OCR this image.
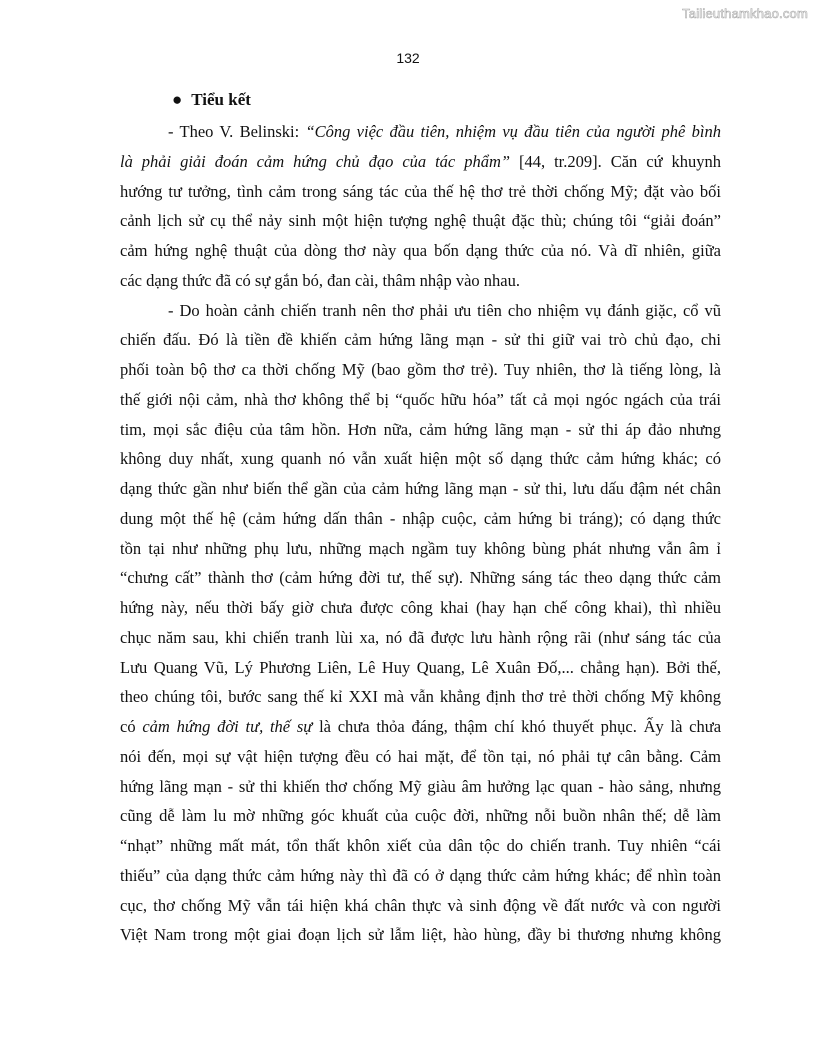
Tailieuthamkhao.com
132
● Tiểu kết
- Theo V. Belinski: “Công việc đầu tiên, nhiệm vụ đầu tiên của người phê bình
là phải giải đoán cảm hứng chủ đạo của tác phẩm” [44, tr.209]. Căn cứ khuynh
hướng tư tưởng, tình cảm trong sáng tác của thế hệ thơ trẻ thời chống Mỹ; đặt vào bối
cảnh lịch sử cụ thể nảy sinh một hiện tượng nghệ thuật đặc thù; chúng tôi “giải đoán”
cảm hứng nghệ thuật của dòng thơ này qua bốn dạng thức của nó. Và dĩ nhiên, giữa
các dạng thức đã có sự gắn bó, đan cài, thâm nhập vào nhau.
- Do hoàn cảnh chiến tranh nên thơ phải ưu tiên cho nhiệm vụ đánh giặc, cổ vũ
chiến đấu. Đó là tiền đề khiến cảm hứng lãng mạn - sử thi giữ vai trò chủ đạo, chi
phối toàn bộ thơ ca thời chống Mỹ (bao gồm thơ trẻ). Tuy nhiên, thơ là tiếng lòng, là
thế giới nội cảm, nhà thơ không thể bị “quốc hữu hóa” tất cả mọi ngóc ngách của trái
tim, mọi sắc điệu của tâm hồn. Hơn nữa, cảm hứng lãng mạn - sử thi áp đảo nhưng
không duy nhất, xung quanh nó vẫn xuất hiện một số dạng thức cảm hứng khác; có
dạng thức gần như biến thể gần của cảm hứng lãng mạn - sử thi, lưu dấu đậm nét chân
dung một thế hệ (cảm hứng dấn thân - nhập cuộc, cảm hứng bi tráng); có dạng thức
tồn tại như những phụ lưu, những mạch ngầm tuy không bùng phát nhưng vẫn âm ỉ
“chưng cất” thành thơ (cảm hứng đời tư, thế sự). Những sáng tác theo dạng thức cảm
hứng này, nếu thời bấy giờ chưa được công khai (hay hạn chế công khai), thì nhiều
chục năm sau, khi chiến tranh lùi xa, nó đã được lưu hành rộng rãi (như sáng tác của
Lưu Quang Vũ, Lý Phương Liên, Lê Huy Quang, Lê Xuân Đố,... chẳng hạn). Bởi thế,
theo chúng tôi, bước sang thế kỉ XXI mà vẫn khẳng định thơ trẻ thời chống Mỹ không
có cảm hứng đời tư, thế sự là chưa thỏa đáng, thậm chí khó thuyết phục. Ấy là chưa
nói đến, mọi sự vật hiện tượng đều có hai mặt, để tồn tại, nó phải tự cân bằng. Cảm
hứng lãng mạn - sử thi khiến thơ chống Mỹ giàu âm hưởng lạc quan - hào sảng, nhưng
cũng dễ làm lu mờ những góc khuất của cuộc đời, những nỗi buồn nhân thế; dễ làm
“nhạt” những mất mát, tổn thất khôn xiết của dân tộc do chiến tranh. Tuy nhiên “cái
thiếu” của dạng thức cảm hứng này thì đã có ở dạng thức cảm hứng khác; để nhìn toàn
cục, thơ chống Mỹ vẫn tái hiện khá chân thực và sinh động về đất nước và con người
Việt Nam trong một giai đoạn lịch sử lẫm liệt, hào hùng, đầy bi thương nhưng không
